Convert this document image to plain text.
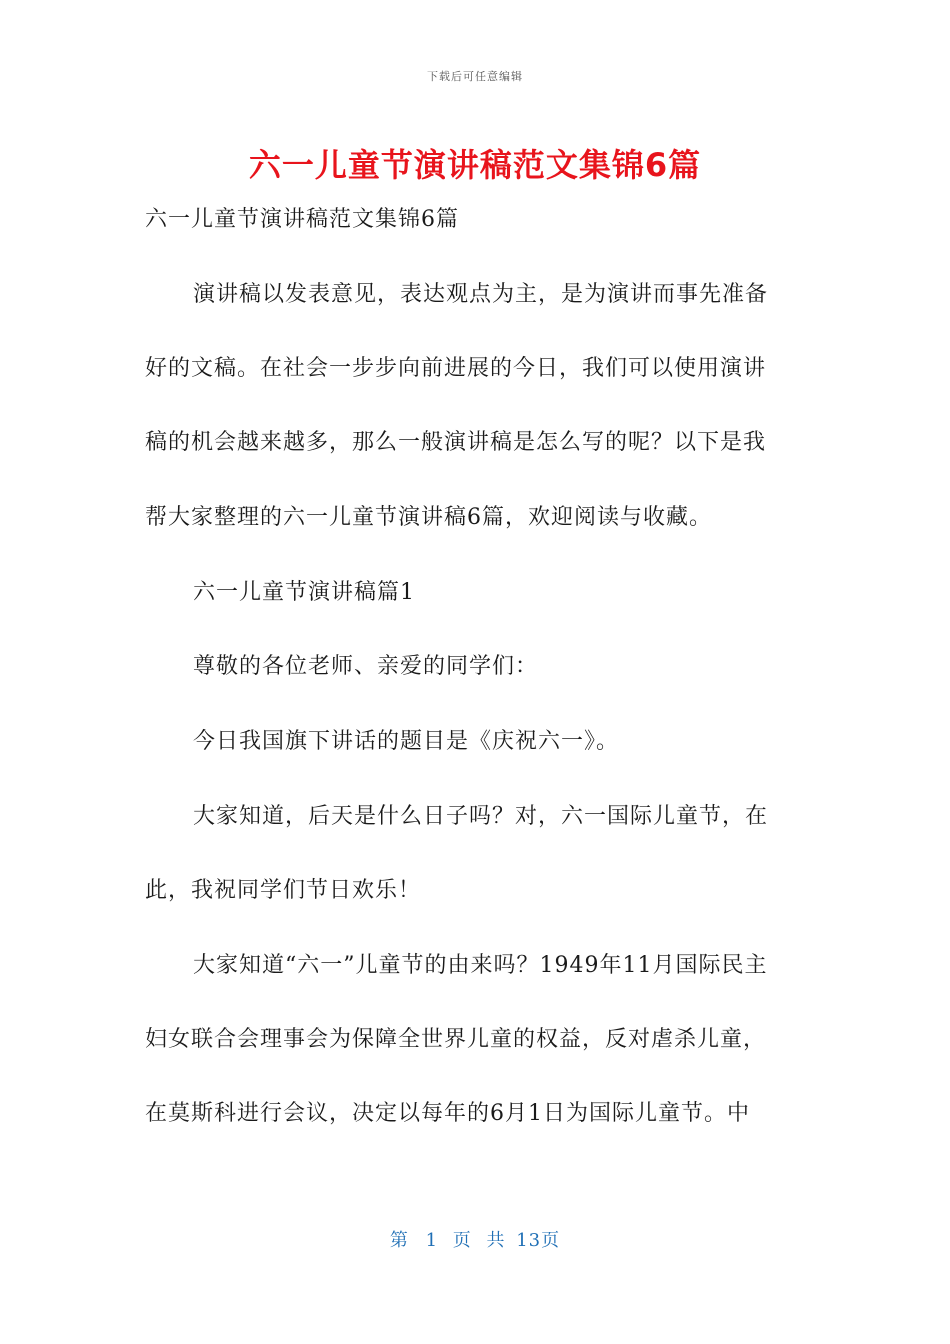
下载后可任意编辑
六一儿童节演讲稿范文集锦6篇
六一儿童节演讲稿范文集锦6篇
演讲稿以发表意见，表达观点为主，是为演讲而事先准备
好的文稿。在社会一步步向前进展的今日，我们可以使用演讲
稿的机会越来越多，那么一般演讲稿是怎么写的呢？以下是我
帮大家整理的六一儿童节演讲稿6篇，欢迎阅读与收藏。
六一儿童节演讲稿篇1
尊敬的各位老师、亲爱的同学们：
今日我国旗下讲话的题目是《庆祝六一》。
大家知道，后天是什么日子吗？对，六一国际儿童节，在
此，我祝同学们节日欢乐！
大家知道“六一”儿童节的由来吗？1949年11月国际民主
妇女联合会理事会为保障全世界儿童的权益，反对虐杀儿童，
在莫斯科进行会议，决定以每年的6月1日为国际儿童节。中
第 1 页 共 13页
